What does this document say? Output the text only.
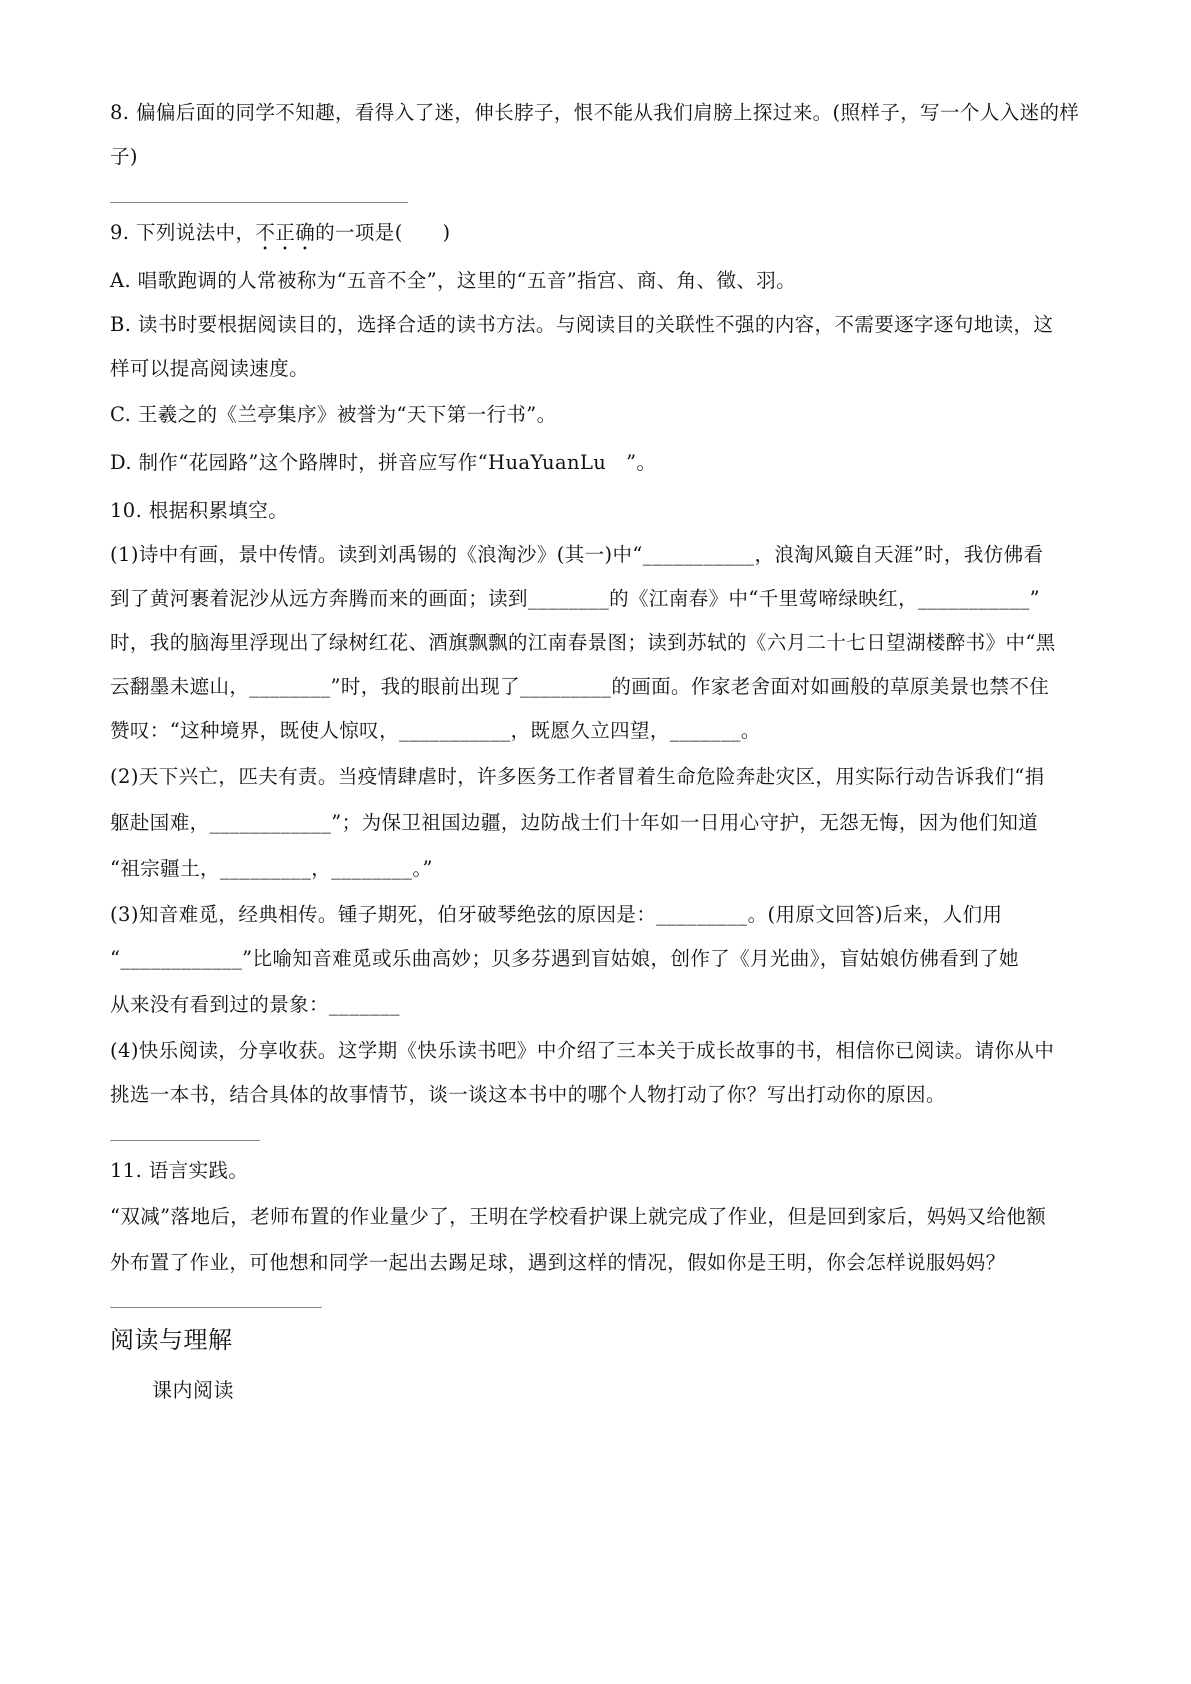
8. 偏偏后面的同学不知趣，看得入了迷，伸长脖子，恨不能从我们肩膀上探过来。(照样子，写一个人入迷的样
子)
9. 下列说法中，不正确的一项是(　　)
A. 唱歌跑调的人常被称为“五音不全”，这里的“五音”指宫、商、角、徵、羽。
B. 读书时要根据阅读目的，选择合适的读书方法。与阅读目的关联性不强的内容，不需要逐字逐句地读，这
样可以提高阅读速度。
C. 王羲之的《兰亭集序》被誉为“天下第一行书”。
D. 制作“花园路”这个路牌时，拼音应写作“HuaYuanLu　”。
10. 根据积累填空。
(1)诗中有画，景中传情。读到刘禹锡的《浪淘沙》(其一)中“___________，浪淘风簸自天涯”时，我仿佛看
到了黄河裹着泥沙从远方奔腾而来的画面；读到________的《江南春》中“千里莺啼绿映红，___________”
时，我的脑海里浮现出了绿树红花、酒旗飘飘的江南春景图；读到苏轼的《六月二十七日望湖楼醉书》中“黑
云翻墨未遮山，________”时，我的眼前出现了_________的画面。作家老舍面对如画般的草原美景也禁不住
赞叹：“这种境界，既使人惊叹，___________，既愿久立四望，_______。
(2)天下兴亡，匹夫有责。当疫情肆虐时，许多医务工作者冒着生命危险奔赴灾区，用实际行动告诉我们“捐
躯赴国难，____________”；为保卫祖国边疆，边防战士们十年如一日用心守护，无怨无悔，因为他们知道
“祖宗疆土，_________，________。”
(3)知音难觅，经典相传。锺子期死，伯牙破琴绝弦的原因是：_________。(用原文回答)后来，人们用
“____________”比喻知音难觅或乐曲高妙；贝多芬遇到盲姑娘，创作了《月光曲》，盲姑娘仿佛看到了她
从来没有看到过的景象：_______
(4)快乐阅读，分享收获。这学期《快乐读书吧》中介绍了三本关于成长故事的书，相信你已阅读。请你从中
挑选一本书，结合具体的故事情节，谈一谈这本书中的哪个人物打动了你？写出打动你的原因。
11. 语言实践。
“双减”落地后，老师布置的作业量少了，王明在学校看护课上就完成了作业，但是回到家后，妈妈又给他额
外布置了作业，可他想和同学一起出去踢足球，遇到这样的情况，假如你是王明，你会怎样说服妈妈？
阅读与理解
课内阅读
